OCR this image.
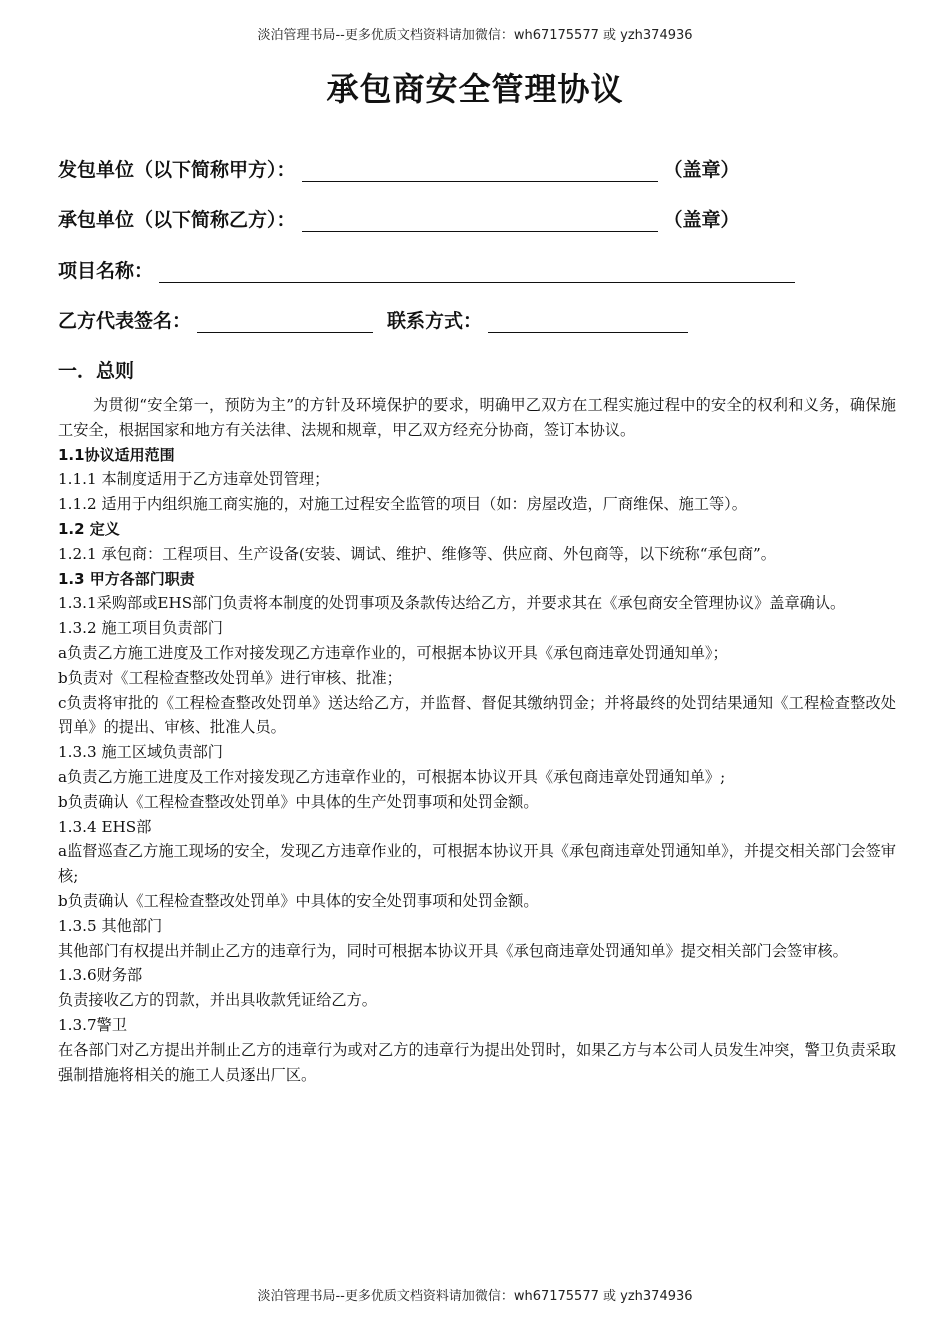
淡泊管理书局--更多优质文档资料请加微信：wh67175577 或 yzh374936
承包商安全管理协议
发包单位（以下简称甲方）：	（盖章）
承包单位（以下简称乙方）：	（盖章）
项目名称：
乙方代表签名：	联系方式：
一．总则

为贯彻“安全第一，预防为主”的方针及环境保护的要求，明确甲乙双方在工程实施过程中的安全的权利和义务，确保施工安全，根据国家和地方有关法律、法规和规章，甲乙双方经充分协商，签订本协议。

1.1协议适用范围

1.1.1 本制度适用于乙方违章处罚管理；

1.1.2 适用于内组织施工商实施的，对施工过程安全监管的项目（如：房屋改造，厂商维保、施工等）。

1.2 定义

1.2.1 承包商：工程项目、生产设备(安装、调试、维护、维修等、供应商、外包商等，以下统称“承包商”。

1.3 甲方各部门职责

1.3.1采购部或EHS部门负责将本制度的处罚事项及条款传达给乙方，并要求其在《承包商安全管理协议》盖章确认。

1.3.2 施工项目负责部门

a负责乙方施工进度及工作对接发现乙方违章作业的，可根据本协议开具《承包商违章处罚通知单》；

b负责对《工程检查整改处罚单》进行审核、批准；

c负责将审批的《工程检查整改处罚单》送达给乙方，并监督、督促其缴纳罚金；并将最终的处罚结果通知《工程检查整改处罚单》的提出、审核、批准人员。

1.3.3 施工区域负责部门

a负责乙方施工进度及工作对接发现乙方违章作业的，可根据本协议开具《承包商违章处罚通知单》;

b负责确认《工程检查整改处罚单》中具体的生产处罚事项和处罚金额。

1.3.4 EHS部

a监督巡查乙方施工现场的安全，发现乙方违章作业的，可根据本协议开具《承包商违章处罚通知单》，并提交相关部门会签审核;

b负责确认《工程检查整改处罚单》中具体的安全处罚事项和处罚金额。

1.3.5 其他部门

其他部门有权提出并制止乙方的违章行为，同时可根据本协议开具《承包商违章处罚通知单》提交相关部门会签审核。

1.3.6财务部

负责接收乙方的罚款，并出具收款凭证给乙方。

1.3.7警卫

在各部门对乙方提出并制止乙方的违章行为或对乙方的违章行为提出处罚时，如果乙方与本公司人员发生冲突，警卫负责采取强制措施将相关的施工人员逐出厂区。

淡泊管理书局--更多优质文档资料请加微信：wh67175577 或 yzh374936
